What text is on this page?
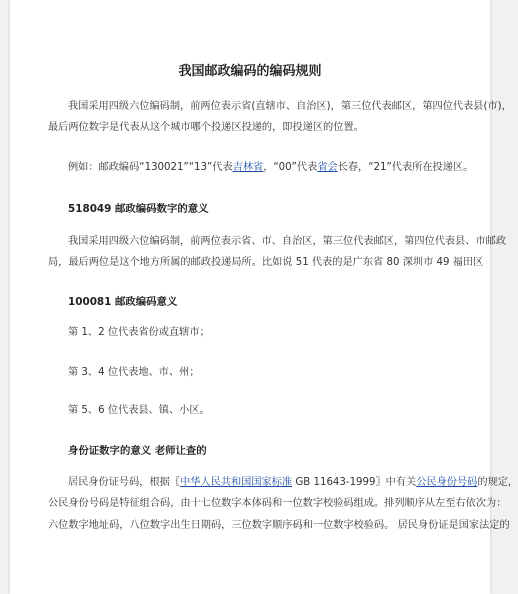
我国邮政编码的编码规则
我国采用四级六位编码制，前两位表示省(直辖市、自治区)，第三位代表邮区，第四位代表县(市)，
最后两位数字是代表从这个城市哪个投递区投递的，即投递区的位置。
例如：邮政编码“130021”“13”代表吉林省，“00”代表省会长春，“21”代表所在投递区。
518049 邮政编码数字的意义
我国采用四级六位编码制，前两位表示省、市、自治区，第三位代表邮区，第四位代表县、市邮政
局，最后两位是这个地方所属的邮政投递局所。比如说 51 代表的是广东省 80 深圳市 49 福田区
100081 邮政编码意义
第 1、2 位代表省份或直辖市；
第 3、4 位代表地、市、州；
第 5、6 位代表县、镇、小区。
身份证数字的意义 老师让查的
居民身份证号码，根据〖中华人民共和国国家标准 GB 11643-1999〗中有关公民身份号码的规定，
公民身份号码是特征组合码，由十七位数字本体码和一位数字校验码组成。排列顺序从左至右依次为：
六位数字地址码，八位数字出生日期码，三位数字顺序码和一位数字校验码。 居民身份证是国家法定的
